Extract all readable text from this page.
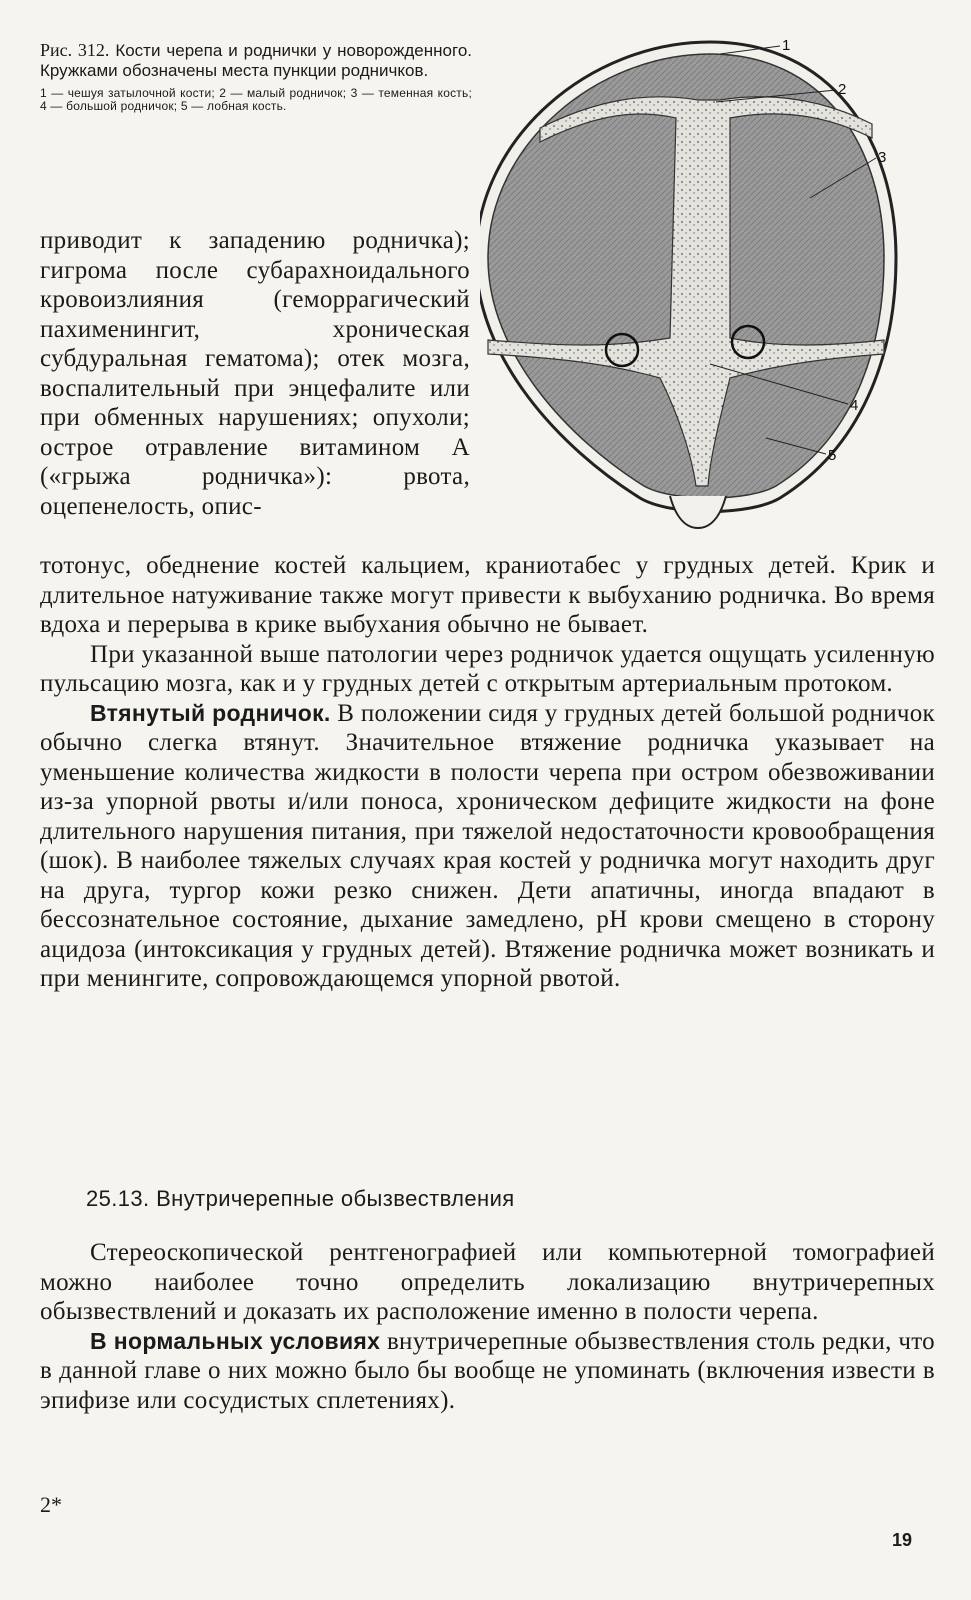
Рис. 312. Кости черепа и роднички у новорожденного. Кружками обозначены места пункции родничков.

1 — чешуя затылочной кости; 2 — малый родничок; 3 — теменная кость; 4 — большой родничок; 5 — лобная кость.

1
2
3
4
5

приводит к западению родничка); гигрома после субарахноидального кровоизлияния (геморрагический пахименингит, хроническая субдуральная гематома); отек мозга, воспалительный при энцефалите или при обменных нарушениях; опухоли; острое отравление витамином А («грыжа родничка»): рвота, оцепенелость, опис-

тотонус, обеднение костей кальцием, краниотабес у грудных детей. Крик и длительное натуживание также могут привести к выбуханию родничка. Во время вдоха и перерыва в крике выбухания обычно не бывает.

При указанной выше патологии через родничок удается ощущать усиленную пульсацию мозга, как и у грудных детей с открытым артериальным протоком.

Втянутый родничок. В положении сидя у грудных детей большой родничок обычно слегка втянут. Значительное втяжение родничка указывает на уменьшение количества жидкости в полости черепа при остром обезвоживании из-за упорной рвоты и/или поноса, хроническом дефиците жидкости на фоне длительного нарушения питания, при тяжелой недостаточности кровообращения (шок). В наиболее тяжелых случаях края костей у родничка могут находить друг на друга, тургор кожи резко снижен. Дети апатичны, иногда впадают в бессознательное состояние, дыхание замедлено, рН крови смещено в сторону ацидоза (интоксикация у грудных детей). Втяжение родничка может возникать и при менингите, сопровождающемся упорной рвотой.

25.13. Внутричерепные обызвествления

Стереоскопической рентгенографией или компьютерной томографией можно наиболее точно определить локализацию внутричерепных обызвествлений и доказать их расположение именно в полости черепа.

В нормальных условиях внутричерепные обызвествления столь редки, что в данной главе о них можно было бы вообще не упоминать (включения извести в эпифизе или сосудистых сплетениях).

2*
19
